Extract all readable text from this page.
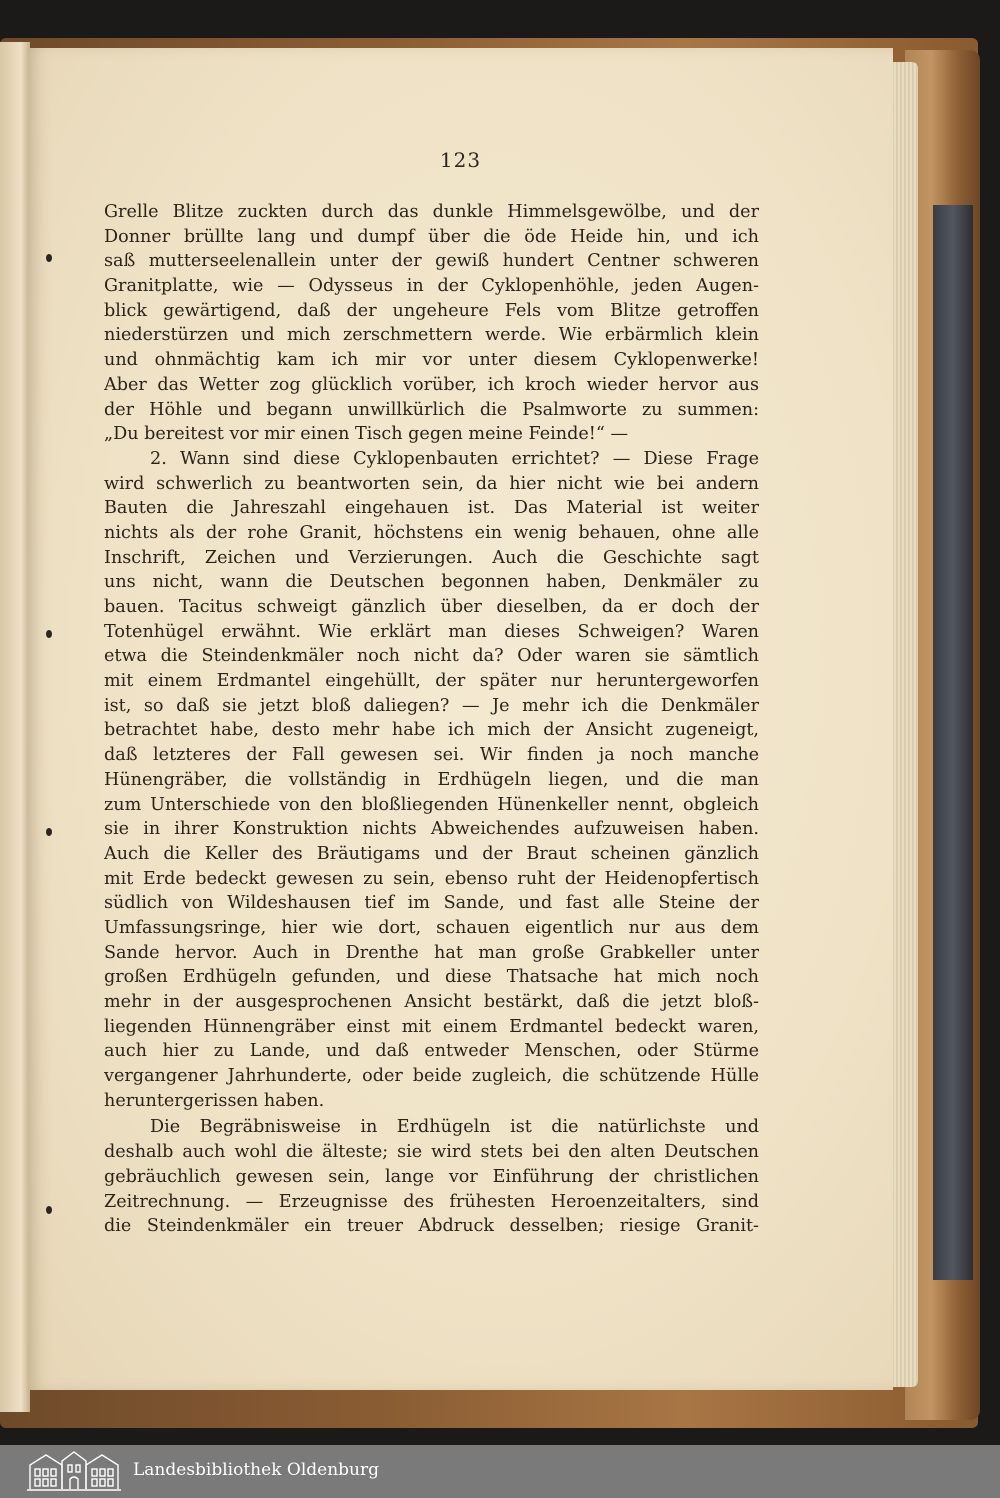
123
Grelle Blitze zuckten durch das dunkle Himmelsgewölbe, und der
Donner brüllte lang und dumpf über die öde Heide hin, und ich
saß mutterseelenallein unter der gewiß hundert Centner schweren
Granitplatte, wie — Odysseus in der Cyklopenhöhle, jeden Augen-
blick gewärtigend, daß der ungeheure Fels vom Blitze getroffen
niederstürzen und mich zerschmettern werde. Wie erbärmlich klein
und ohnmächtig kam ich mir vor unter diesem Cyklopenwerke!
Aber das Wetter zog glücklich vorüber, ich kroch wieder hervor aus
der Höhle und begann unwillkürlich die Psalmworte zu summen:
„Du bereitest vor mir einen Tisch gegen meine Feinde!“ —
2. Wann sind diese Cyklopenbauten errichtet? — Diese Frage
wird schwerlich zu beantworten sein, da hier nicht wie bei andern
Bauten die Jahreszahl eingehauen ist. Das Material ist weiter
nichts als der rohe Granit, höchstens ein wenig behauen, ohne alle
Inschrift, Zeichen und Verzierungen. Auch die Geschichte sagt
uns nicht, wann die Deutschen begonnen haben, Denkmäler zu
bauen. Tacitus schweigt gänzlich über dieselben, da er doch der
Totenhügel erwähnt. Wie erklärt man dieses Schweigen? Waren
etwa die Steindenkmäler noch nicht da? Oder waren sie sämtlich
mit einem Erdmantel eingehüllt, der später nur heruntergeworfen
ist, so daß sie jetzt bloß daliegen? — Je mehr ich die Denkmäler
betrachtet habe, desto mehr habe ich mich der Ansicht zugeneigt,
daß letzteres der Fall gewesen sei. Wir finden ja noch manche
Hünengräber, die vollständig in Erdhügeln liegen, und die man
zum Unterschiede von den bloßliegenden Hünenkeller nennt, obgleich
sie in ihrer Konstruktion nichts Abweichendes aufzuweisen haben.
Auch die Keller des Bräutigams und der Braut scheinen gänzlich
mit Erde bedeckt gewesen zu sein, ebenso ruht der Heidenopfertisch
südlich von Wildeshausen tief im Sande, und fast alle Steine der
Umfassungsringe, hier wie dort, schauen eigentlich nur aus dem
Sande hervor. Auch in Drenthe hat man große Grabkeller unter
großen Erdhügeln gefunden, und diese Thatsache hat mich noch
mehr in der ausgesprochenen Ansicht bestärkt, daß die jetzt bloß-
liegenden Hünnengräber einst mit einem Erdmantel bedeckt waren,
auch hier zu Lande, und daß entweder Menschen, oder Stürme
vergangener Jahrhunderte, oder beide zugleich, die schützende Hülle
heruntergerissen haben.
Die Begräbnisweise in Erdhügeln ist die natürlichste und
deshalb auch wohl die älteste; sie wird stets bei den alten Deutschen
gebräuchlich gewesen sein, lange vor Einführung der christlichen
Zeitrechnung. — Erzeugnisse des frühesten Heroenzeitalters, sind
die Steindenkmäler ein treuer Abdruck desselben; riesige Granit-
Landesbibliothek Oldenburg
